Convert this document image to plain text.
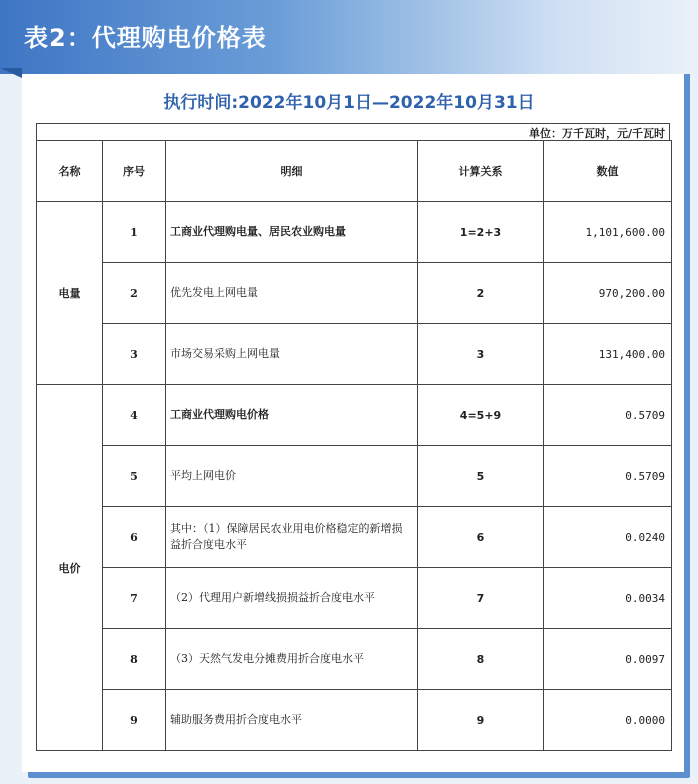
表2：代理购电价格表
执行时间:2022年10月1日—2022年10月31日
单位：万千瓦时，元/千瓦时
名称	序号	明细	计算关系	数值
电量	1	工商业代理购电量、居民农业购电量	1=2+3	1,101,600.00
	2	优先发电上网电量	2	970,200.00
	3	市场交易采购上网电量	3	131,400.00
电价	4	工商业代理购电价格	4=5+9	0.5709
	5	平均上网电价	5	0.5709
	6	其中：（1）保障居民农业用电价格稳定的新增损益折合度电水平	6	0.0240
	7	（2）代理用户新增线损损益折合度电水平	7	0.0034
	8	（3）天然气发电分摊费用折合度电水平	8	0.0097
	9	辅助服务费用折合度电水平	9	0.0000
